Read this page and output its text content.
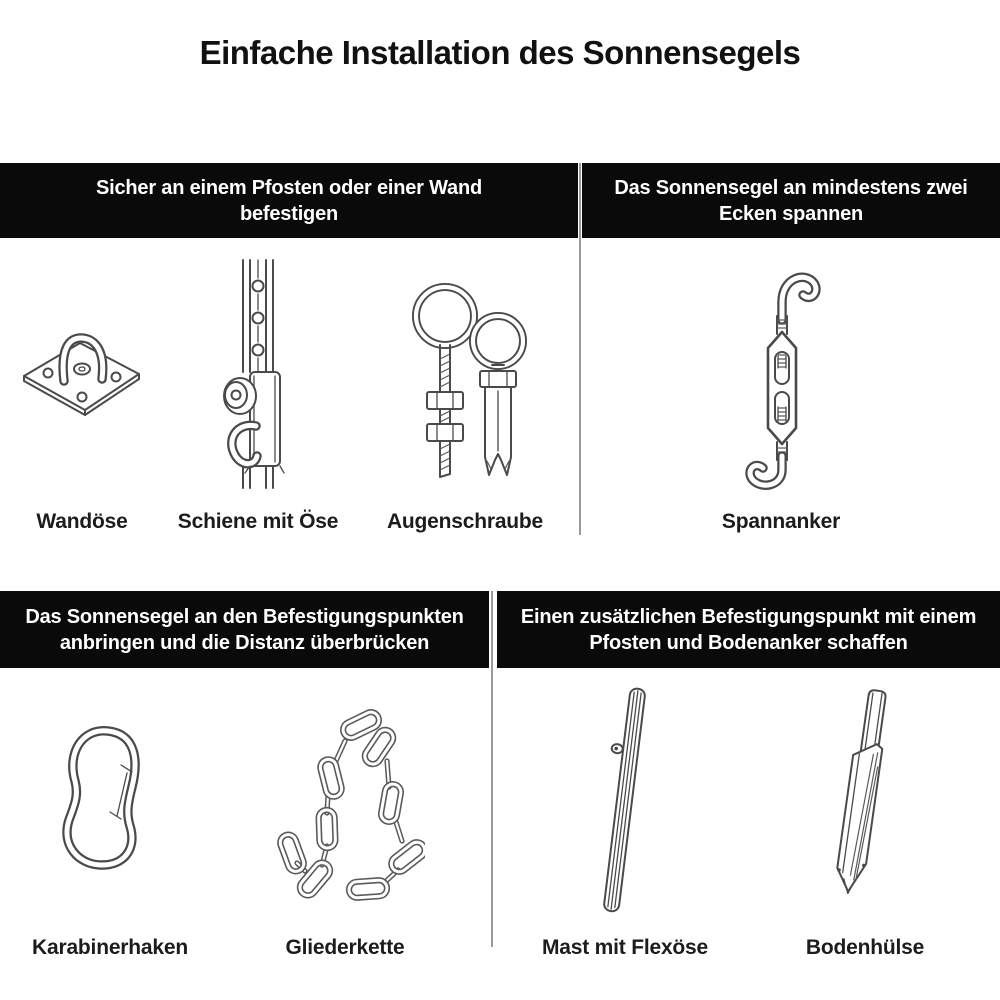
Einfache Installation des Sonnensegels
Sicher an einem Pfosten oder einer Wand befestigen
Das Sonnensegel an mindestens zwei Ecken spannen
Das Sonnensegel an den Befestigungspunkten anbringen und die Distanz überbrücken
Einen zusätzlichen Befestigungspunkt mit einem Pfosten und Bodenanker schaffen
Wandöse Schiene mit Öse Augenschraube	Spannanker
Karabinerhaken	Gliederkette	Mast mit Flexöse	Bodenhülse
